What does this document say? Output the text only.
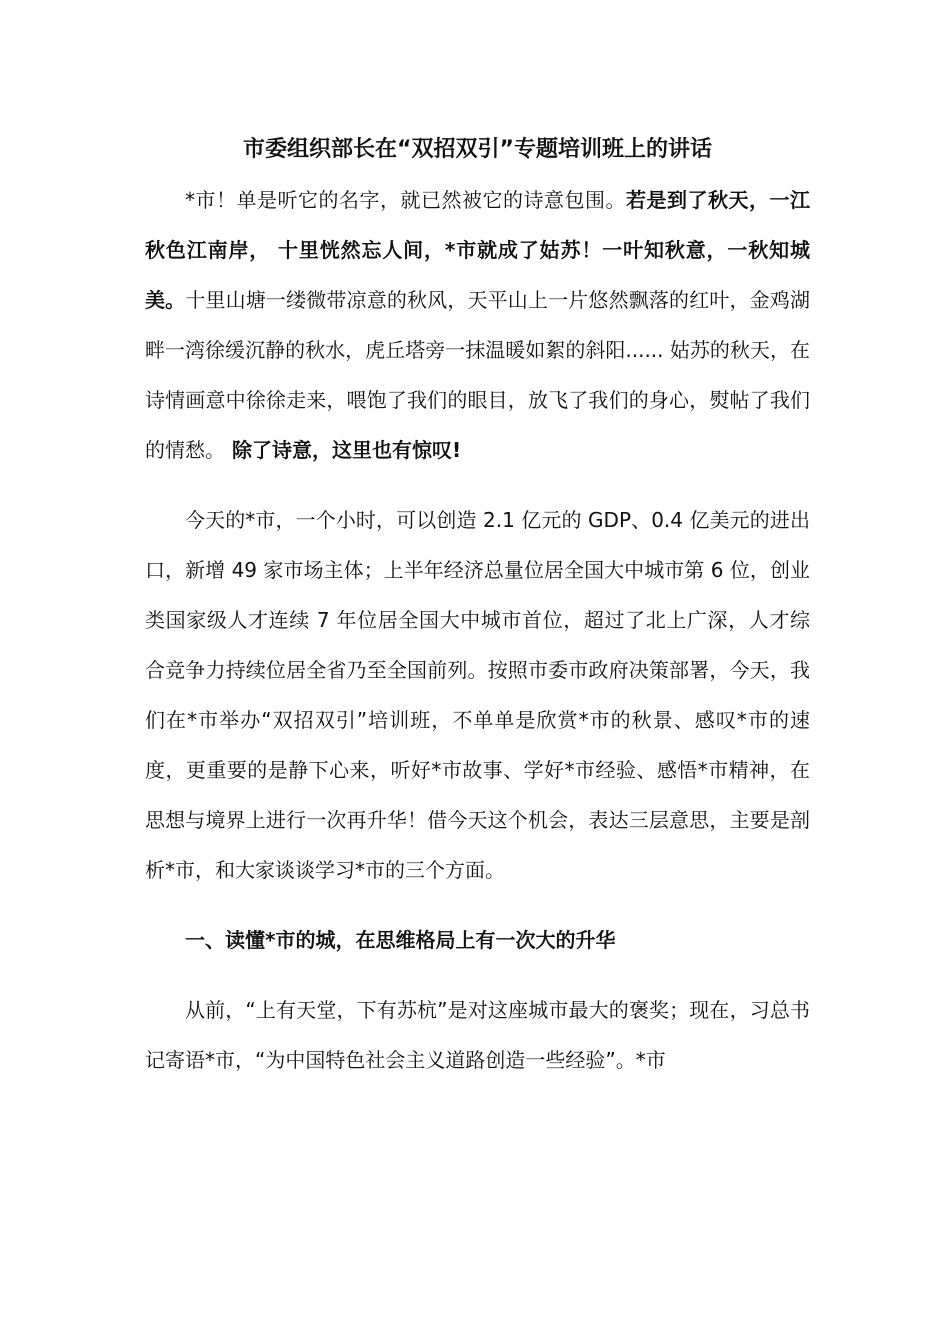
市委组织部长在“双招双引”专题培训班上的讲话

*市！单是听它的名字，就已然被它的诗意包围。若是到了秋天，一江秋色江南岸， 十里恍然忘人间，*市就成了姑苏！一叶知秋意，一秋知城美。十里山塘一缕微带凉意的秋风，天平山上一片悠然飘落的红叶，金鸡湖畔一湾徐缓沉静的秋水，虎丘塔旁一抹温暖如絮的斜阳...... 姑苏的秋天，在诗情画意中徐徐走来，喂饱了我们的眼目，放飞了我们的身心，熨帖了我们的情愁。 除了诗意，这里也有惊叹!

今天的*市，一个小时，可以创造 2.1 亿元的 GDP、0.4 亿美元的进出口，新增 49 家市场主体；上半年经济总量位居全国大中城市第 6 位，创业类国家级人才连续 7 年位居全国大中城市首位，超过了北上广深，人才综合竞争力持续位居全省乃至全国前列。按照市委市政府决策部署，今天，我们在*市举办“双招双引”培训班，不单单是欣赏*市的秋景、感叹*市的速度，更重要的是静下心来，听好*市故事、学好*市经验、感悟*市精神，在思想与境界上进行一次再升华！借今天这个机会，表达三层意思，主要是剖析*市，和大家谈谈学习*市的三个方面。

一、读懂*市的城，在思维格局上有一次大的升华

从前，“上有天堂，下有苏杭”是对这座城市最大的褒奖；现在，习总书记寄语*市，“为中国特色社会主义道路创造一些经验”。*市
